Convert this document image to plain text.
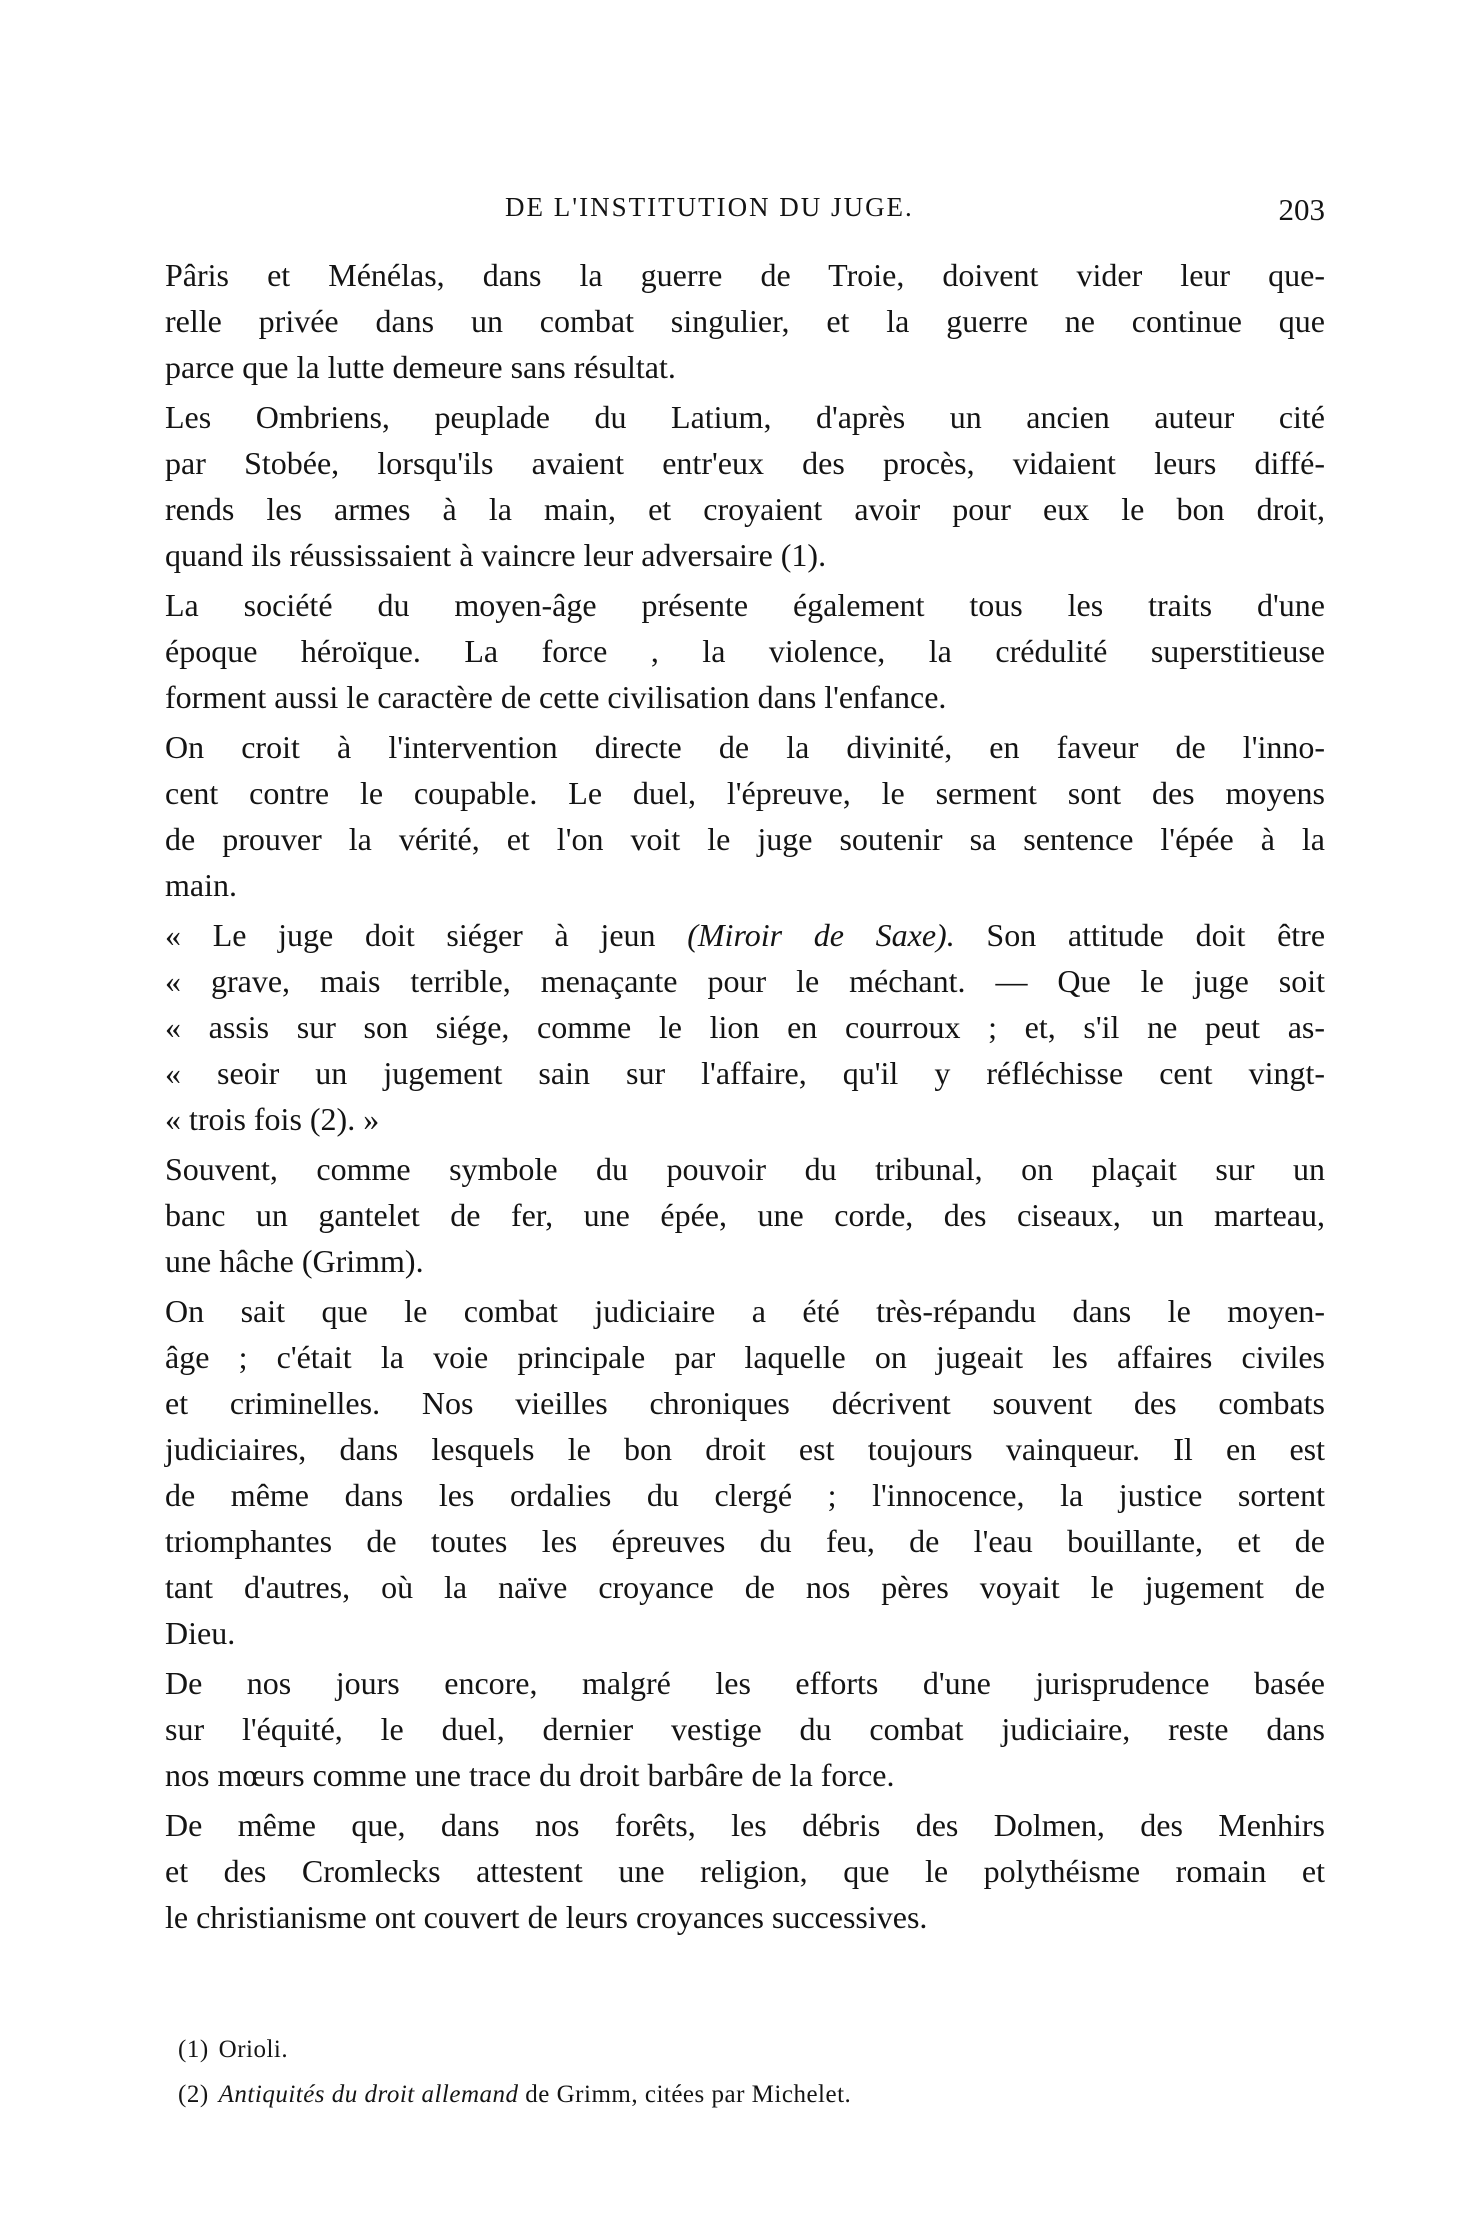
DE L'INSTITUTION DU JUGE.	203
Pâris et Ménélas, dans la guerre de Troie, doivent vider leur que-
relle privée dans un combat singulier, et la guerre ne continue que
parce que la lutte demeure sans résultat.
Les Ombriens, peuplade du Latium, d'après un ancien auteur cité
par Stobée, lorsqu'ils avaient entr'eux des procès, vidaient leurs diffé-
rends les armes à la main, et croyaient avoir pour eux le bon droit,
quand ils réussissaient à vaincre leur adversaire (1).
La société du moyen-âge présente également tous les traits d'une
époque héroïque. La force , la violence, la crédulité superstitieuse
forment aussi le caractère de cette civilisation dans l'enfance.
On croit à l'intervention directe de la divinité, en faveur de l'inno-
cent contre le coupable. Le duel, l'épreuve, le serment sont des moyens
de prouver la vérité, et l'on voit le juge soutenir sa sentence l'épée à la
main.
« Le juge doit siéger à jeun (Miroir de Saxe). Son attitude doit être
« grave, mais terrible, menaçante pour le méchant. — Que le juge soit
« assis sur son siége, comme le lion en courroux ; et, s'il ne peut as-
« seoir un jugement sain sur l'affaire, qu'il y réfléchisse cent vingt-
« trois fois (2). »
Souvent, comme symbole du pouvoir du tribunal, on plaçait sur un
banc un gantelet de fer, une épée, une corde, des ciseaux, un marteau,
une hâche (Grimm).
On sait que le combat judiciaire a été très-répandu dans le moyen-
âge ; c'était la voie principale par laquelle on jugeait les affaires civiles
et criminelles. Nos vieilles chroniques décrivent souvent des combats
judiciaires, dans lesquels le bon droit est toujours vainqueur. Il en est
de même dans les ordalies du clergé ; l'innocence, la justice sortent
triomphantes de toutes les épreuves du feu, de l'eau bouillante, et de
tant d'autres, où la naïve croyance de nos pères voyait le jugement de
Dieu.
De nos jours encore, malgré les efforts d'une jurisprudence basée
sur l'équité, le duel, dernier vestige du combat judiciaire, reste dans
nos mœurs comme une trace du droit barbâre de la force.
De même que, dans nos forêts, les débris des Dolmen, des Menhirs
et des Cromlecks attestent une religion, que le polythéisme romain et
le christianisme ont couvert de leurs croyances successives.
(1) Orioli.
(2) Antiquités du droit allemand de Grimm, citées par Michelet.
